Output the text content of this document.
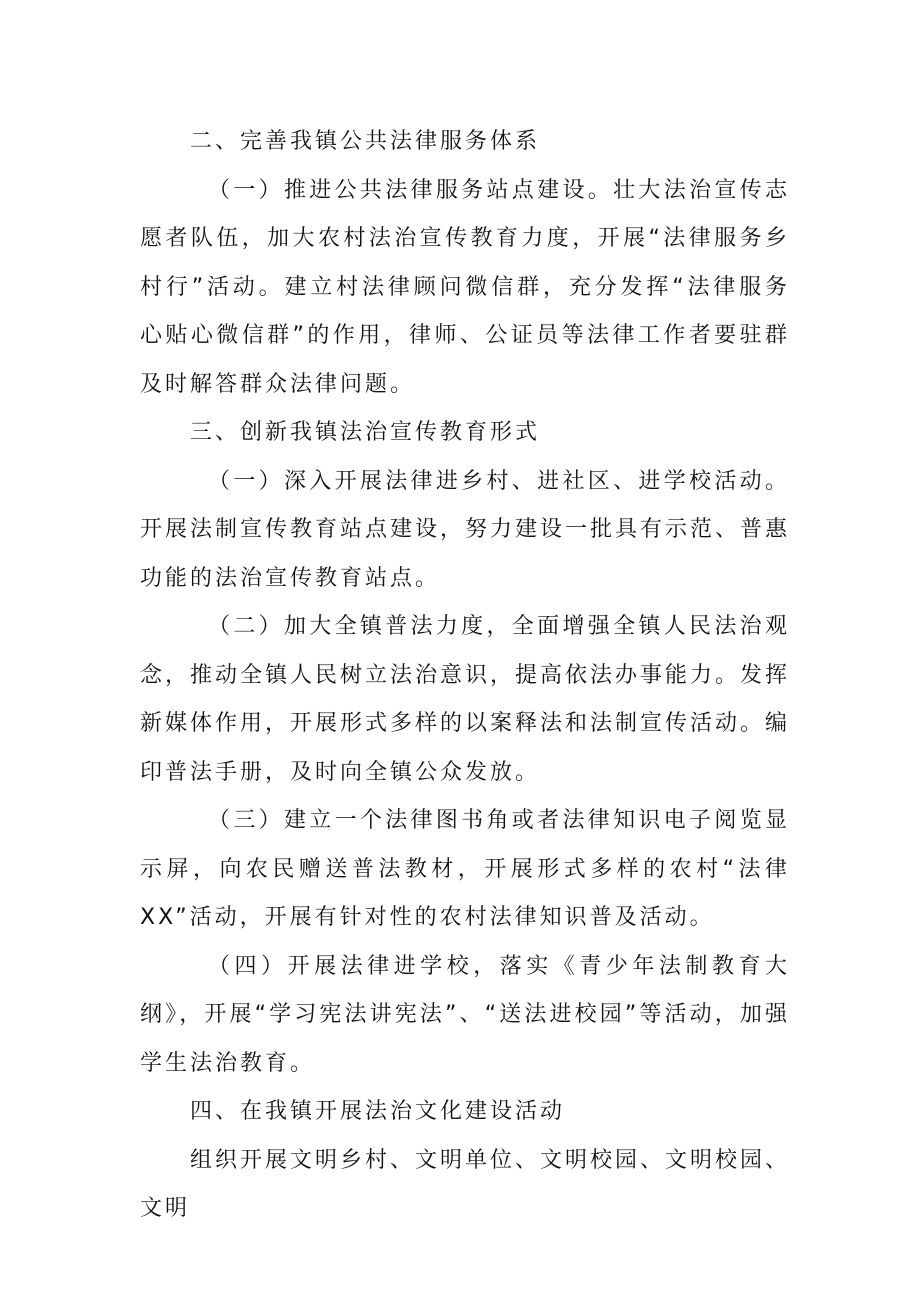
二、完善我镇公共法律服务体系

（一）推进公共法律服务站点建设。壮大法治宣传志愿者队伍，加大农村法治宣传教育力度，开展“法律服务乡村行”活动。建立村法律顾问微信群，充分发挥“法律服务心贴心微信群”的作用，律师、公证员等法律工作者要驻群及时解答群众法律问题。

三、创新我镇法治宣传教育形式

（一）深入开展法律进乡村、进社区、进学校活动。开展法制宣传教育站点建设，努力建设一批具有示范、普惠功能的法治宣传教育站点。

（二）加大全镇普法力度，全面增强全镇人民法治观念，推动全镇人民树立法治意识，提高依法办事能力。发挥新媒体作用，开展形式多样的以案释法和法制宣传活动。编印普法手册，及时向全镇公众发放。

（三）建立一个法律图书角或者法律知识电子阅览显示屏，向农民赠送普法教材，开展形式多样的农村“法律XX”活动，开展有针对性的农村法律知识普及活动。

（四）开展法律进学校，落实《青少年法制教育大纲》，开展“学习宪法讲宪法”、“送法进校园”等活动，加强学生法治教育。

四、在我镇开展法治文化建设活动

组织开展文明乡村、文明单位、文明校园、文明校园、文明
